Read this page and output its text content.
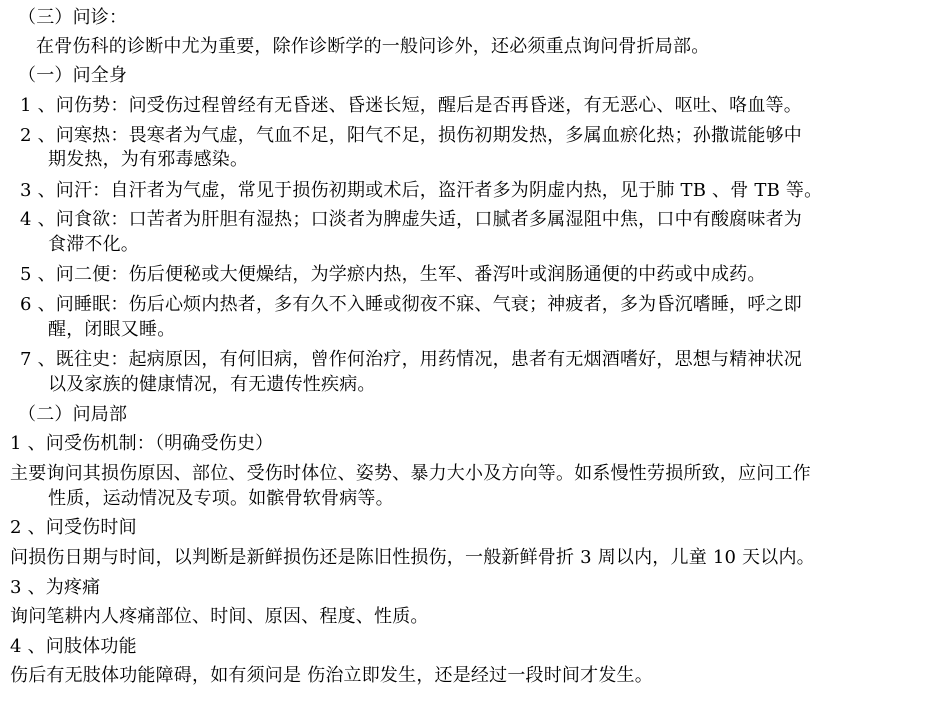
（三）问诊：
在骨伤科的诊断中尤为重要，除作诊断学的一般问诊外，还必须重点询问骨折局部。
（一）问全身
1 、问伤势：问受伤过程曾经有无昏迷、昏迷长短，醒后是否再昏迷，有无恶心、呕吐、咯血等。
2 、问寒热：畏寒者为气虚，气血不足，阳气不足，损伤初期发热，多属血瘀化热；孙撒谎能够中
期发热，为有邪毒感染。
3 、问汗：自汗者为气虚，常见于损伤初期或术后，盗汗者多为阴虚内热，见于肺 TB 、骨 TB 等。
4 、问食欲：口苦者为肝胆有湿热；口淡者为脾虚失适，口腻者多属湿阻中焦，口中有酸腐味者为
食滞不化。
5 、问二便：伤后便秘或大便燥结，为学瘀内热，生军、番泻叶或润肠通便的中药或中成药。
6 、问睡眠：伤后心烦内热者，多有久不入睡或彻夜不寐、气衰；神疲者，多为昏沉嗜睡，呼之即
醒，闭眼又睡。
7 、既往史：起病原因，有何旧病，曾作何治疗，用药情况，患者有无烟酒嗜好，思想与精神状况
以及家族的健康情况，有无遗传性疾病。
（二）问局部
1 、问受伤机制：（明确受伤史）
主要询问其损伤原因、部位、受伤时体位、姿势、暴力大小及方向等。如系慢性劳损所致，应问工作
性质，运动情况及专项。如髌骨软骨病等。
2 、问受伤时间
问损伤日期与时间，以判断是新鲜损伤还是陈旧性损伤，一般新鲜骨折 3 周以内，儿童 10 天以内。
3 、为疼痛
询问笔耕内人疼痛部位、时间、原因、程度、性质。
4 、问肢体功能
伤后有无肢体功能障碍，如有须问是 伤治立即发生，还是经过一段时间才发生。
